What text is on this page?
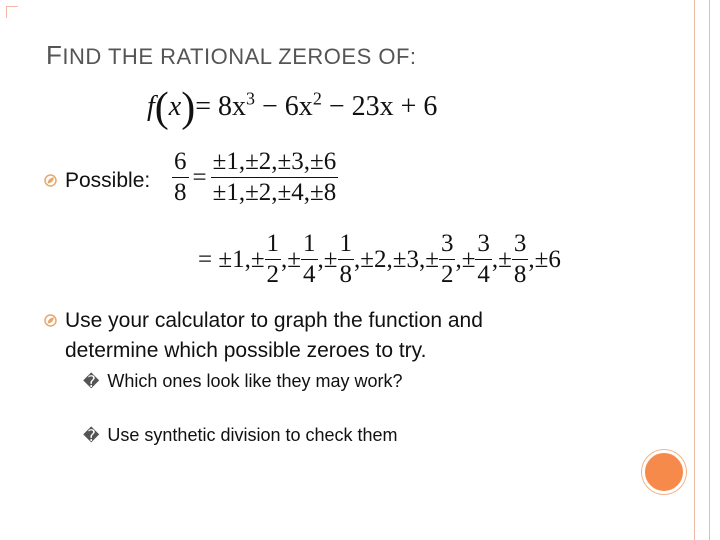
FIND THE RATIONAL ZEROES OF:
$f(x)= 8x^3 - 6x^2 - 23x + 6$
Possible: $\frac{6}{8} = \frac{\pm 1,\pm 2,\pm 3,\pm 6}{\pm 1,\pm 2,\pm 4,\pm 8}$
= $\pm 1,\pm \frac{1}{2}$ ,± $\frac{1}{4}$ ,± $\frac{1}{8} ,\pm 2,\pm 3,\pm \frac{3}{2}$ ,± $\frac{3}{4}$ ,± $\frac{3}{8} ,\pm 6$
Use your calculator to graph the function and
determine which possible zeroes to try.
� Which ones look like they may work?
� Use synthetic division to check them
